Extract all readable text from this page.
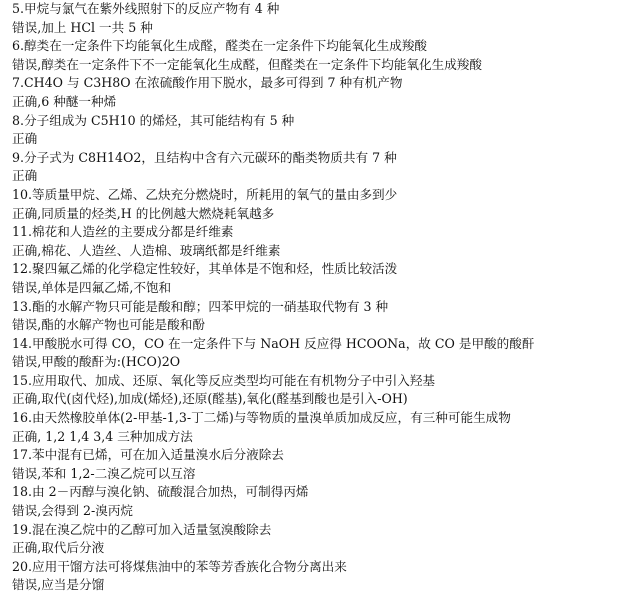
5.甲烷与氯气在紫外线照射下的反应产物有 4 种
错误,加上 HCl 一共 5 种
6.醇类在一定条件下均能氧化生成醛，醛类在一定条件下均能氧化生成羧酸
错误,醇类在一定条件下不一定能氧化生成醛，但醛类在一定条件下均能氧化生成羧酸
7.CH4O 与 C3H8O 在浓硫酸作用下脱水，最多可得到 7 种有机产物
正确,6 种醚一种烯
8.分子组成为 C5H10 的烯烃，其可能结构有 5 种
正确
9.分子式为 C8H14O2，且结构中含有六元碳环的酯类物质共有 7 种
正确
10.等质量甲烷、乙烯、乙炔充分燃烧时，所耗用的氧气的量由多到少
正确,同质量的烃类,H 的比例越大燃烧耗氧越多
11.棉花和人造丝的主要成分都是纤维素
正确,棉花、人造丝、人造棉、玻璃纸都是纤维素
12.聚四氟乙烯的化学稳定性较好，其单体是不饱和烃，性质比较活泼
错误,单体是四氟乙烯,不饱和
13.酯的水解产物只可能是酸和醇；四苯甲烷的一硝基取代物有 3 种
错误,酯的水解产物也可能是酸和酚
14.甲酸脱水可得 CO，CO 在一定条件下与 NaOH 反应得 HCOONa，故 CO 是甲酸的酸酐
错误,甲酸的酸酐为:(HCO)2O
15.应用取代、加成、还原、氧化等反应类型均可能在有机物分子中引入羟基
正确,取代(卤代烃),加成(烯烃),还原(醛基),氧化(醛基到酸也是引入-OH)
16.由天然橡胶单体(2-甲基-1,3-丁二烯)与等物质的量溴单质加成反应，有三种可能生成物
正确, 1,2 1,4 3,4 三种加成方法
17.苯中混有已烯，可在加入适量溴水后分液除去
错误,苯和 1,2-二溴乙烷可以互溶
18.由 2－丙醇与溴化钠、硫酸混合加热，可制得丙烯
错误,会得到 2-溴丙烷
19.混在溴乙烷中的乙醇可加入适量氢溴酸除去
正确,取代后分液
20.应用干馏方法可将煤焦油中的苯等芳香族化合物分离出来
错误,应当是分馏
